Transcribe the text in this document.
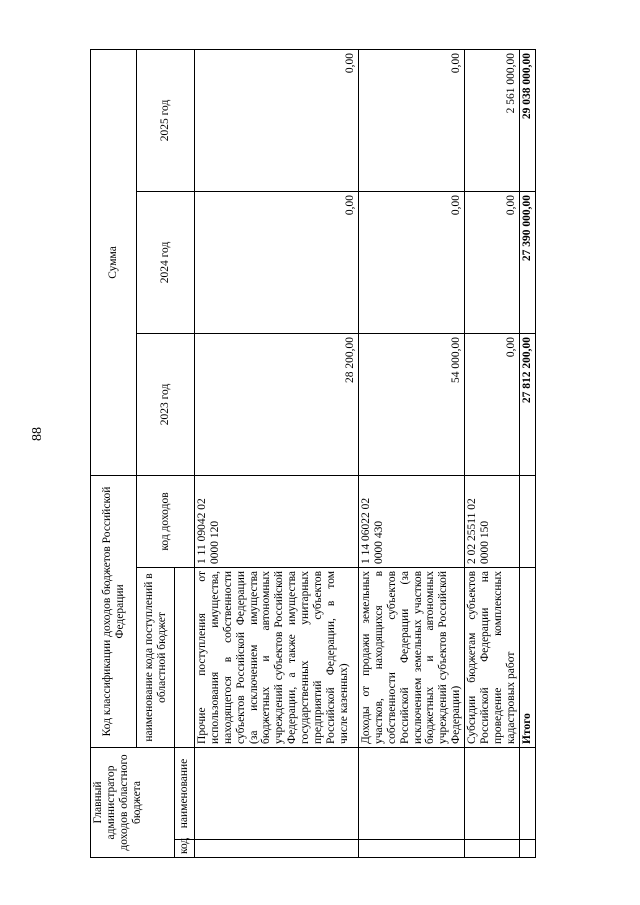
88
Главный администратор доходов областного бюджета		Код классификации доходов бюджетов Российской Федерации		Сумма		
		наименование кода поступлений в областной бюджет	код доходов	2023 год	2024 год	2025 год
код	наименование					
		Прочие поступления от использования имущества, находящегося в собственности субъектов Российской Федерации (за исключением имущества бюджетных и автономных учреждений субъектов Российской Федерации, а также имущества государственных унитарных предприятий субъектов Российской Федерации, в том числе казенных)	1 11 09042 02 0000 120	28 200,00	0,00	0,00
		Доходы от продажи земельных участков, находящихся в собственности субъектов Российской Федерации (за исключением земельных участков бюджетных и автономных учреждений субъектов Российской Федерации)	1 14 06022 02 0000 430	54 000,00	0,00	0,00
		Субсидии бюджетам субъектов Российской Федерации на проведение комплексных кадастровых работ	2 02 25511 02 0000 150	0,00	0,00	2 561 000,00
		Итого		27 812 200,00	27 390 000,00	29 038 000,00
